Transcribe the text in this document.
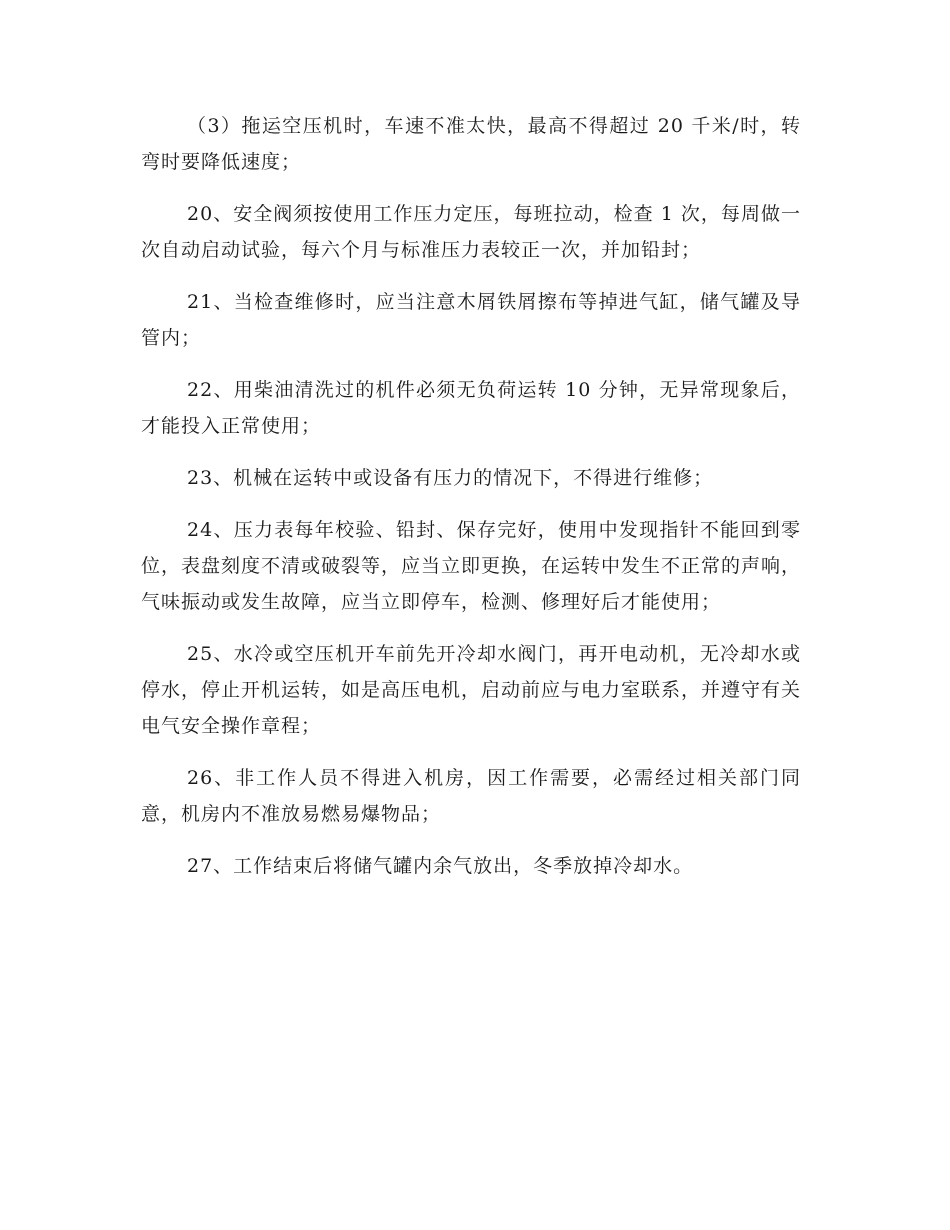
（3）拖运空压机时，车速不准太快，最高不得超过 20 千米/时，转弯时要降低速度；

20、安全阀须按使用工作压力定压，每班拉动，检查 1 次，每周做一次自动启动试验，每六个月与标准压力表较正一次，并加铅封；

21、当检查维修时，应当注意木屑铁屑擦布等掉进气缸，储气罐及导管内；

22、用柴油清洗过的机件必须无负荷运转 10 分钟，无异常现象后，才能投入正常使用；

23、机械在运转中或设备有压力的情况下，不得进行维修；

24、压力表每年校验、铅封、保存完好，使用中发现指针不能回到零位，表盘刻度不清或破裂等，应当立即更换，在运转中发生不正常的声响，气味振动或发生故障，应当立即停车，检测、修理好后才能使用；

25、水冷或空压机开车前先开冷却水阀门，再开电动机，无冷却水或停水，停止开机运转，如是高压电机，启动前应与电力室联系，并遵守有关电气安全操作章程；

26、非工作人员不得进入机房，因工作需要，必需经过相关部门同意，机房内不准放易燃易爆物品；

27、工作结束后将储气罐内余气放出，冬季放掉冷却水。
